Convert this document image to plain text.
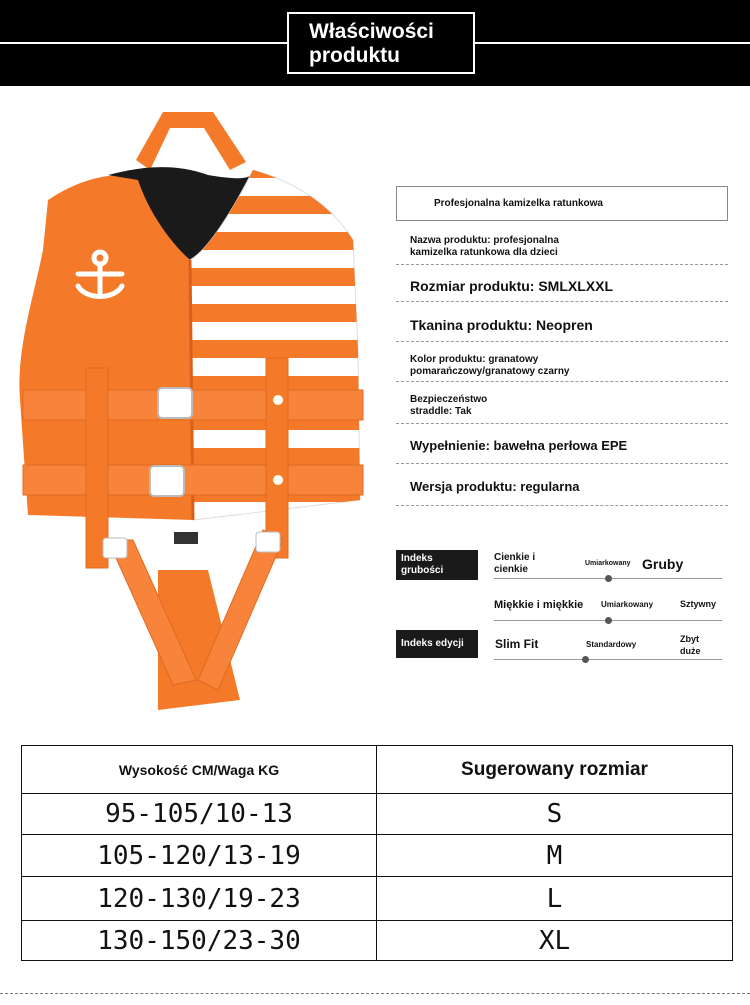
Właściwości produktu
Profesjonalna kamizelka ratunkowa
Nazwa produktu: profesjonalna kamizelka ratunkowa dla dzieci
Rozmiar produktu: SMLXLXXL
Tkanina produktu: Neopren
Kolor produktu: granatowy pomarańczowy/granatowy czarny
Bezpieczeństwo straddle: Tak
Wypełnienie: bawełna perłowa EPE
Wersja produktu: regularna
Indeks grubości
Cienkie i cienkie
Umiarkowany Gruby
Miękkie i miękkie Umiarkowany	Sztywny
Indeks edycji	Slim Fit	Standardowy
Zbyt duże
Wysokość CM/Waga KG	Sugerowany rozmiar
95-105/10-13	S
105-120/13-19	M
120-130/19-23	L
130-150/23-30	XL
